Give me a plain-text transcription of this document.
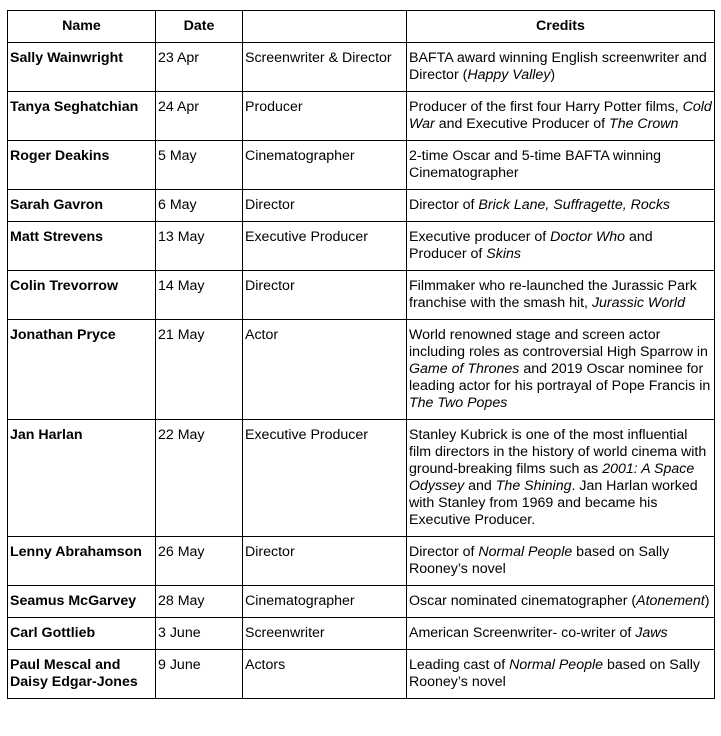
Name	Date		Credits
Sally Wainwright	23 Apr	Screenwriter & Director	BAFTA award winning English screenwriter and Director (Happy Valley)
Tanya Seghatchian	24 Apr	Producer	Producer of the first four Harry Potter films, Cold War and Executive Producer of The Crown
Roger Deakins	5 May	Cinematographer	2-time Oscar and 5-time BAFTA winning Cinematographer
Sarah Gavron	6 May	Director	Director of Brick Lane, Suffragette, Rocks
Matt Strevens	13 May	Executive Producer	Executive producer of Doctor Who and Producer of Skins
Colin Trevorrow	14 May	Director	Filmmaker who re-launched the Jurassic Park franchise with the smash hit, Jurassic World
Jonathan Pryce	21 May	Actor	World renowned stage and screen actor including roles as controversial High Sparrow in Game of Thrones and 2019 Oscar nominee for leading actor for his portrayal of Pope Francis in The Two Popes
Jan Harlan	22 May	Executive Producer	Stanley Kubrick is one of the most influential film directors in the history of world cinema with ground-breaking films such as 2001: A Space Odyssey and The Shining. Jan Harlan worked with Stanley from 1969 and became his Executive Producer.
Lenny Abrahamson	26 May	Director	Director of Normal People based on Sally Rooney’s novel
Seamus McGarvey	28 May	Cinematographer	Oscar nominated cinematographer (Atonement)
Carl Gottlieb	3 June	Screenwriter	American Screenwriter- co-writer of Jaws
Paul Mescal and Daisy Edgar-Jones	9 June	Actors	Leading cast of Normal People based on Sally Rooney’s novel
